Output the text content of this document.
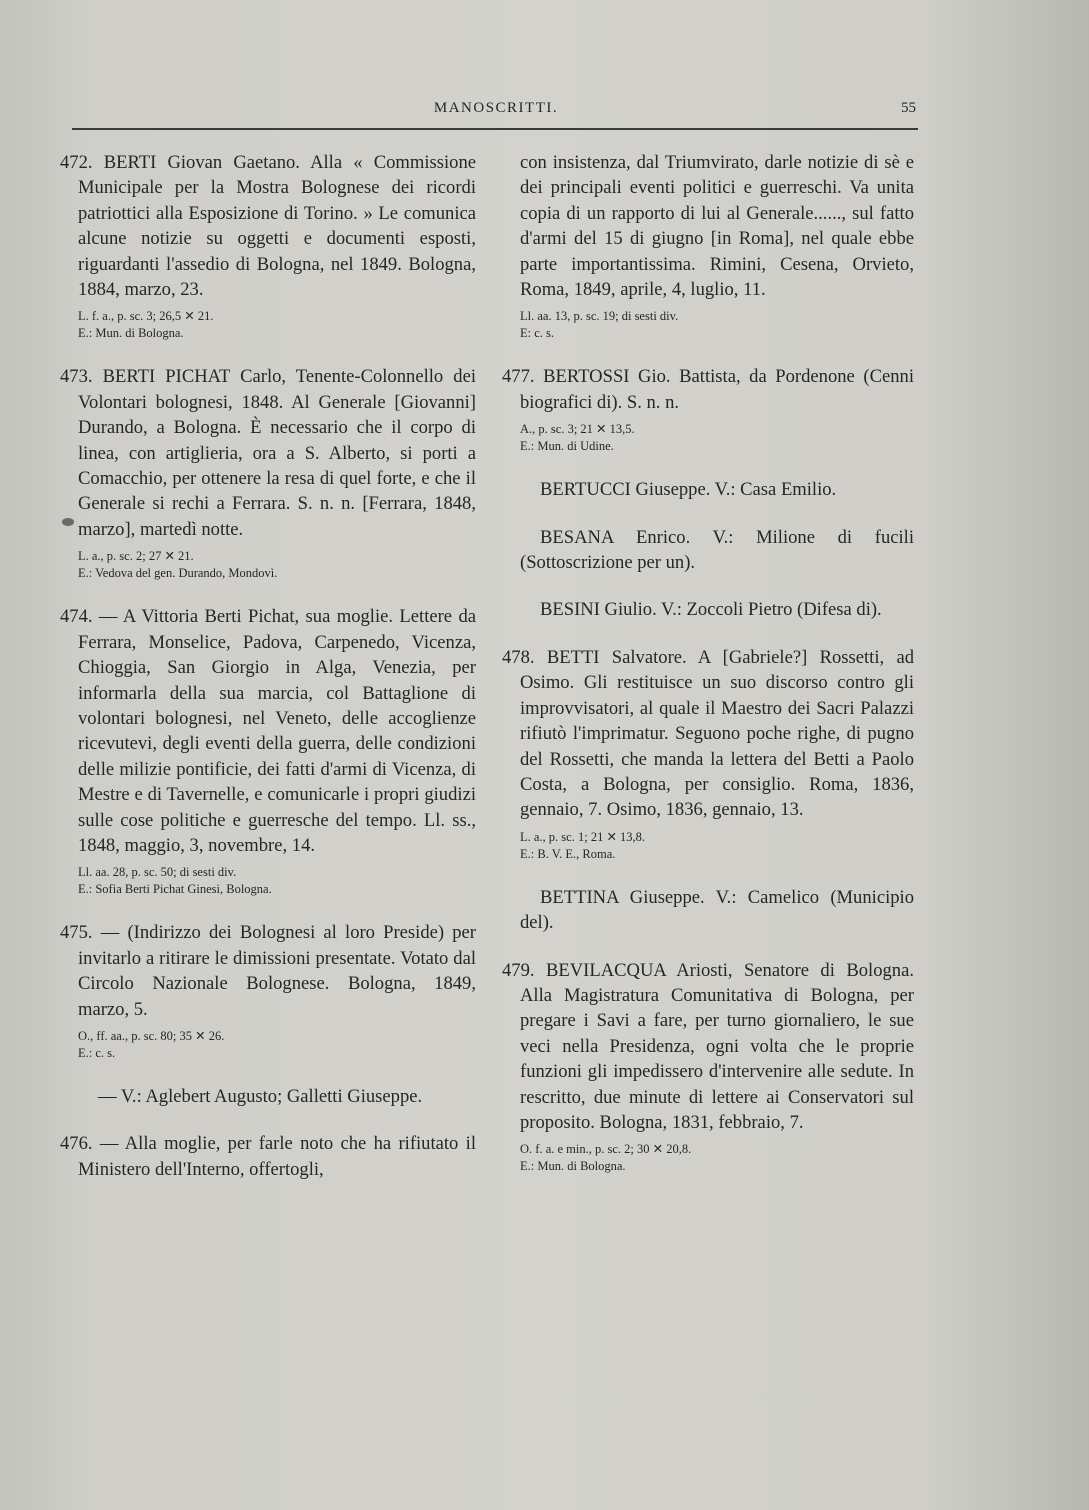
MANOSCRITTI.	55

472. BERTI Giovan Gaetano. Alla « Commissione Municipale per la Mostra Bolognese dei ricordi patriottici alla Esposizione di Torino. » Le comunica alcune notizie su oggetti e documenti esposti, riguardanti l'assedio di Bologna, nel 1849. Bologna, 1884, marzo, 23.

L. f. a., p. sc. 3; 26,5 ✕ 21.
E.: Mun. di Bologna.

473. BERTI PICHAT Carlo, Tenente-Colonnello dei Volontari bolognesi, 1848. Al Generale [Giovanni] Durando, a Bologna. È necessario che il corpo di linea, con artiglieria, ora a S. Alberto, si porti a Comacchio, per ottenere la resa di quel forte, e che il Generale si rechi a Ferrara. S. n. n. [Ferrara, 1848, marzo], martedì notte.

L. a., p. sc. 2; 27 ✕ 21.
E.: Vedova del gen. Durando, Mondovì.

474. — A Vittoria Berti Pichat, sua moglie. Lettere da Ferrara, Monselice, Padova, Carpenedo, Vicenza, Chioggia, San Giorgio in Alga, Venezia, per informarla della sua marcia, col Battaglione di volontari bolognesi, nel Veneto, delle accoglienze ricevutevi, degli eventi della guerra, delle condizioni delle milizie pontificie, dei fatti d'armi di Vicenza, di Mestre e di Tavernelle, e comunicarle i propri giudizi sulle cose politiche e guerresche del tempo. Ll. ss., 1848, maggio, 3, novembre, 14.

Ll. aa. 28, p. sc. 50; di sesti div.
E.: Sofia Berti Pichat Ginesi, Bologna.

475. — (Indirizzo dei Bolognesi al loro Preside) per invitarlo a ritirare le dimissioni presentate. Votato dal Circolo Nazionale Bolognese. Bologna, 1849, marzo, 5.

O., ff. aa., p. sc. 80; 35 ✕ 26.
E.: c. s.

— V.: Aglebert Augusto; Galletti Giuseppe.

476. — Alla moglie, per farle noto che ha rifiutato il Ministero dell'Interno, offertogli,

con insistenza, dal Triumvirato, darle notizie di sè e dei principali eventi politici e guerreschi. Va unita copia di un rapporto di lui al Generale......, sul fatto d'armi del 15 di giugno [in Roma], nel quale ebbe parte importantissima. Rimini, Cesena, Orvieto, Roma, 1849, aprile, 4, luglio, 11.

Ll. aa. 13, p. sc. 19; di sesti div.
E: c. s.

477. BERTOSSI Gio. Battista, da Pordenone (Cenni biografici di). S. n. n.

A., p. sc. 3; 21 ✕ 13,5.
E.: Mun. di Udine.

BERTUCCI Giuseppe. V.: Casa Emilio.

BESANA Enrico. V.: Milione di fucili (Sottoscrizione per un).

BESINI Giulio. V.: Zoccoli Pietro (Difesa di).

478. BETTI Salvatore. A [Gabriele?] Rossetti, ad Osimo. Gli restituisce un suo discorso contro gli improvvisatori, al quale il Maestro dei Sacri Palazzi rifiutò l'imprimatur. Seguono poche righe, di pugno del Rossetti, che manda la lettera del Betti a Paolo Costa, a Bologna, per consiglio. Roma, 1836, gennaio, 7. Osimo, 1836, gennaio, 13.

L. a., p. sc. 1; 21 ✕ 13,8.
E.: B. V. E., Roma.

BETTINA Giuseppe. V.: Camelico (Municipio del).

479. BEVILACQUA Ariosti, Senatore di Bologna. Alla Magistratura Comunitativa di Bologna, per pregare i Savi a fare, per turno giornaliero, le sue veci nella Presidenza, ogni volta che le proprie funzioni gli impedissero d'intervenire alle sedute. In rescritto, due minute di lettere ai Conservatori sul proposito. Bologna, 1831, febbraio, 7.

O. f. a. e min., p. sc. 2; 30 ✕ 20,8.
E.: Mun. di Bologna.
